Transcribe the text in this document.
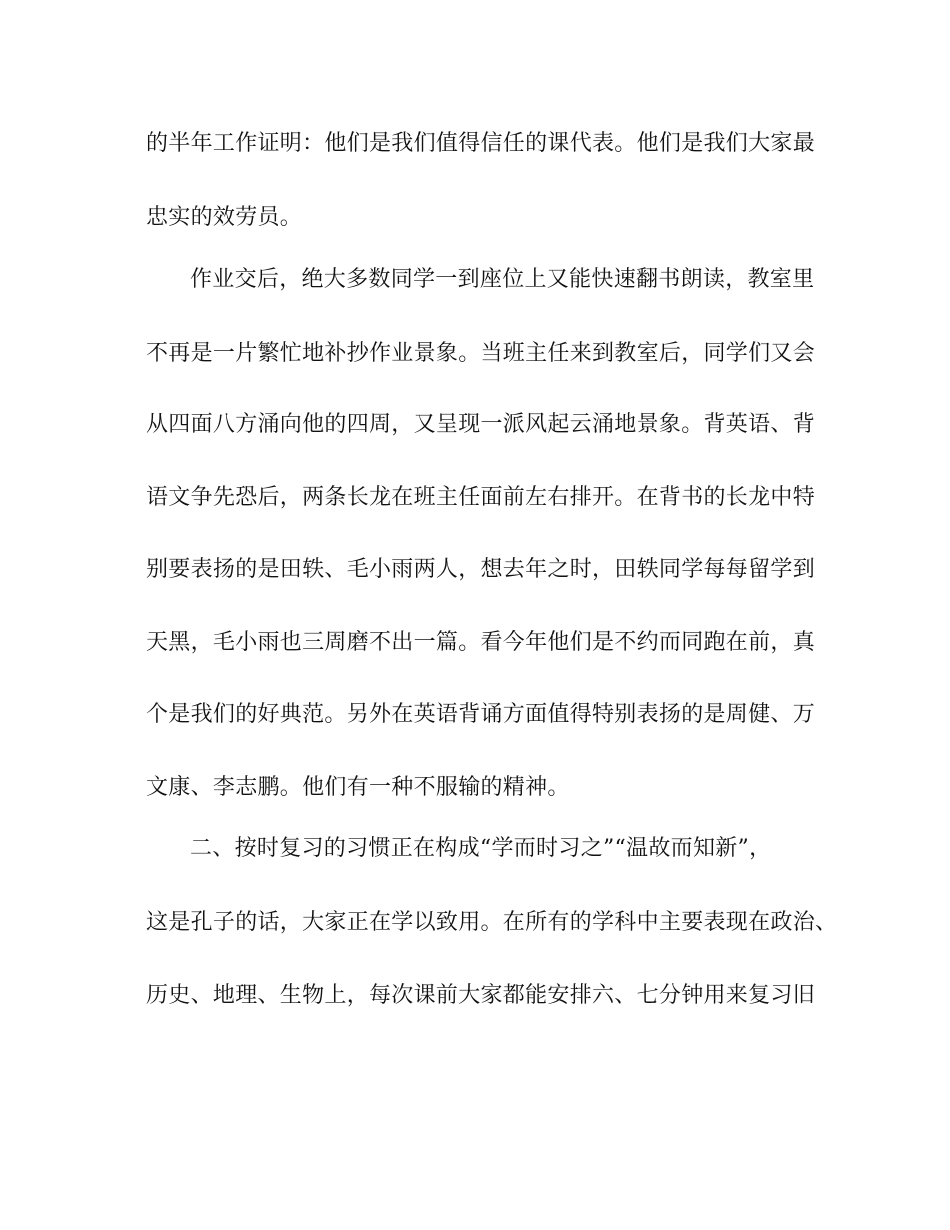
的半年工作证明：他们是我们值得信任的课代表。他们是我们大家最
忠实的效劳员。
作业交后，绝大多数同学一到座位上又能快速翻书朗读，教室里
不再是一片繁忙地补抄作业景象。当班主任来到教室后，同学们又会
从四面八方涌向他的四周，又呈现一派风起云涌地景象。背英语、背
语文争先恐后，两条长龙在班主任面前左右排开。在背书的长龙中特
别要表扬的是田轶、毛小雨两人，想去年之时，田轶同学每每留学到
天黑，毛小雨也三周磨不出一篇。看今年他们是不约而同跑在前，真
个是我们的好典范。另外在英语背诵方面值得特别表扬的是周健、万
文康、李志鹏。他们有一种不服输的精神。
二、按时复习的习惯正在构成“学而时习之”“温故而知新”，
这是孔子的话，大家正在学以致用。在所有的学科中主要表现在政治、
历史、地理、生物上，每次课前大家都能安排六、七分钟用来复习旧
